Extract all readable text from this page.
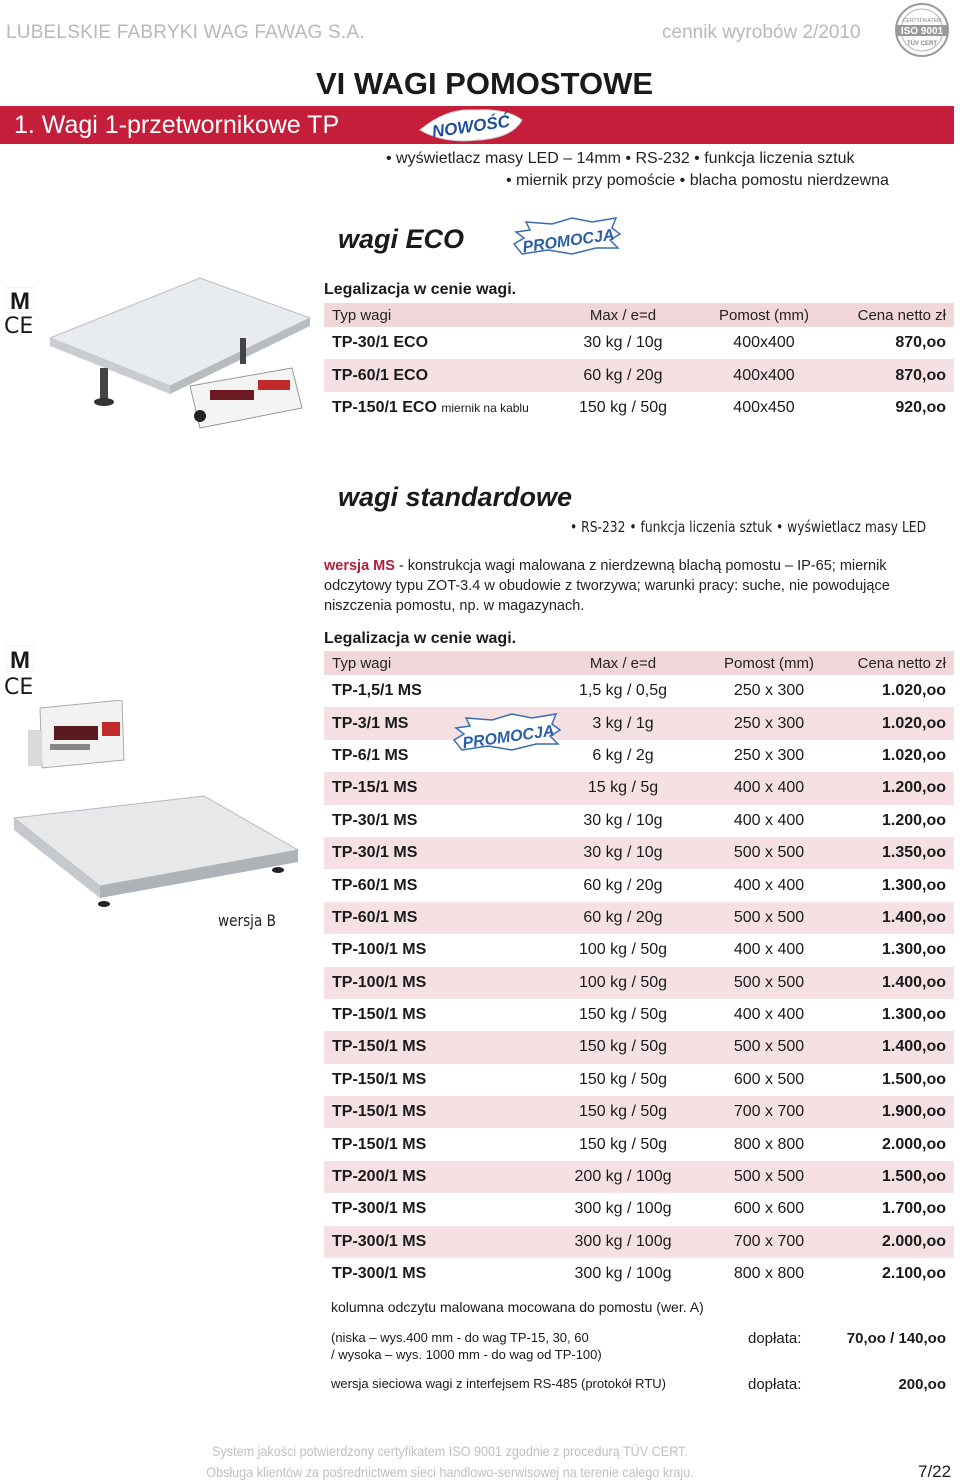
LUBELSKIE FABRYKI WAG FAWAG S.A.	cennik wyrobów 2/2010
CERTYFIKATEM
ISO 9001
TÜV CERT
VI WAGI POMOSTOWE
1. Wagi 1-przetwornikowe TP	NOWOŚĆ
• wyświetlacz masy LED – 14mm • RS-232 • funkcja liczenia sztuk
• miernik przy pomoście • blacha pomostu nierdzewna
wagi ECO	PROMOCJA
M
CE
Legalizacja w cenie wagi.
Typ wagi	Max / e=d	Pomost (mm)	Cena netto zł
TP-30/1 ECO	30 kg / 10g	400x400	870,oo
TP-60/1 ECO	60 kg / 20g	400x400	870,oo
TP-150/1 ECO miernik na kablu	150 kg / 50g	400x450	920,oo
wagi standardowe
• RS-232 • funkcja liczenia sztuk • wyświetlacz masy LED
wersja MS - konstrukcja wagi malowana z nierdzewną blachą pomostu – IP-65; miernik odczytowy typu ZOT-3.4 w obudowie z tworzywa; warunki pracy: suche, nie powodujące niszczenia pomostu, np. w magazynach.
M
CE
wersja B
Legalizacja w cenie wagi.
Typ wagi	Max / e=d	Pomost (mm)	Cena netto zł
TP-1,5/1 MS	1,5 kg / 0,5g	250 x 300	1.020,oo
TP-3/1 MS	3 kg / 1g	250 x 300	1.020,oo
TP-6/1 MS	6 kg / 2g	250 x 300	1.020,oo
TP-15/1 MS	15 kg / 5g	400 x 400	1.200,oo
TP-30/1 MS	30 kg / 10g	400 x 400	1.200,oo
TP-30/1 MS	30 kg / 10g	500 x 500	1.350,oo
TP-60/1 MS	60 kg / 20g	400 x 400	1.300,oo
TP-60/1 MS	60 kg / 20g	500 x 500	1.400,oo
TP-100/1 MS	100 kg / 50g	400 x 400	1.300,oo
TP-100/1 MS	100 kg / 50g	500 x 500	1.400,oo
TP-150/1 MS	150 kg / 50g	400 x 400	1.300,oo
TP-150/1 MS	150 kg / 50g	500 x 500	1.400,oo
TP-150/1 MS	150 kg / 50g	600 x 500	1.500,oo
TP-150/1 MS	150 kg / 50g	700 x 700	1.900,oo
TP-150/1 MS	150 kg / 50g	800 x 800	2.000,oo
TP-200/1 MS	200 kg / 100g	500 x 500	1.500,oo
TP-300/1 MS	300 kg / 100g	600 x 600	1.700,oo
TP-300/1 MS	300 kg / 100g	700 x 700	2.000,oo
TP-300/1 MS	300 kg / 100g	800 x 800	2.100,oo
PROMOCJA
kolumna odczytu malowana mocowana do pomostu (wer. A)
(niska – wys.400 mm - do wag TP-15, 30, 60
/ wysoka – wys. 1000 mm - do wag od TP-100)
dopłata:	70,oo / 140,oo
wersja sieciowa wagi z interfejsem RS-485 (protokół RTU)	dopłata:	200,oo
System jakości potwierdzony certyfikatem ISO 9001 zgodnie z procedurą TÜV CERT.
Obsługa klientów za pośrednictwem sieci handlowo-serwisowej na terenie całego kraju.	7/22
